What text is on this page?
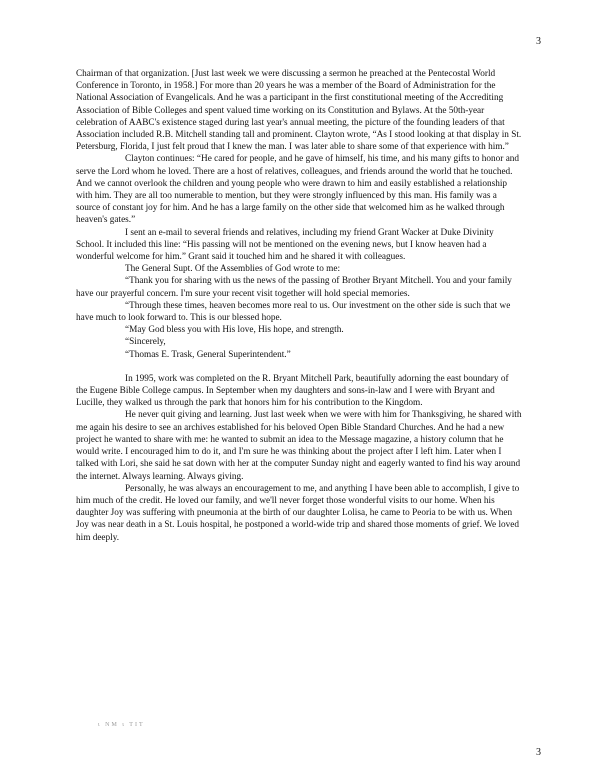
3

Chairman of that organization. [Just last week we were discussing a sermon he preached at the Pentecostal World Conference in Toronto, in 1958.] For more than 20 years he was a member of the Board of Administration for the National Association of Evangelicals. And he was a participant in the first constitutional meeting of the Accrediting Association of Bible Colleges and spent valued time working on its Constitution and Bylaws. At the 50th-year celebration of AABC's existence staged during last year's annual meeting, the picture of the founding leaders of that Association included R.B. Mitchell standing tall and prominent. Clayton wrote, “As I stood looking at that display in St. Petersburg, Florida, I just felt proud that I knew the man. I was later able to share some of that experience with him.”

Clayton continues: “He cared for people, and he gave of himself, his time, and his many gifts to honor and serve the Lord whom he loved. There are a host of relatives, colleagues, and friends around the world that he touched. And we cannot overlook the children and young people who were drawn to him and easily established a relationship with him. They are all too numerable to mention, but they were strongly influenced by this man. His family was a source of constant joy for him. And he has a large family on the other side that welcomed him as he walked through heaven's gates.”

I sent an e-mail to several friends and relatives, including my friend Grant Wacker at Duke Divinity School. It included this line: “His passing will not be mentioned on the evening news, but I know heaven had a wonderful welcome for him.” Grant said it touched him and he shared it with colleagues.

The General Supt. Of the Assemblies of God wrote to me:

“Thank you for sharing with us the news of the passing of Brother Bryant Mitchell. You and your family have our prayerful concern. I'm sure your recent visit together will hold special memories.

“Through these times, heaven becomes more real to us. Our investment on the other side is such that we have much to look forward to. This is our blessed hope.

“May God bless you with His love, His hope, and strength.

“Sincerely,

“Thomas E. Trask, General Superintendent.”

In 1995, work was completed on the R. Bryant Mitchell Park, beautifully adorning the east boundary of the Eugene Bible College campus. In September when my daughters and sons-in-law and I were with Bryant and Lucille, they walked us through the park that honors him for his contribution to the Kingdom.

He never quit giving and learning. Just last week when we were with him for Thanksgiving, he shared with me again his desire to see an archives established for his beloved Open Bible Standard Churches. And he had a new project he wanted to share with me: he wanted to submit an idea to the Message magazine, a history column that he would write. I encouraged him to do it, and I'm sure he was thinking about the project after I left him. Later when I talked with Lori, she said he sat down with her at the computer Sunday night and eagerly wanted to find his way around the internet. Always learning. Always giving.

Personally, he was always an encouragement to me, and anything I have been able to accomplish, I give to him much of the credit. He loved our family, and we'll never forget those wonderful visits to our home. When his daughter Joy was suffering with pneumonia at the birth of our daughter Lolisa, he came to Peoria to be with us. When Joy was near death in a St. Louis hospital, he postponed a world-wide trip and shared those moments of grief. We loved him deeply.

ι ΝΜ ι ΤΙΤ
3
